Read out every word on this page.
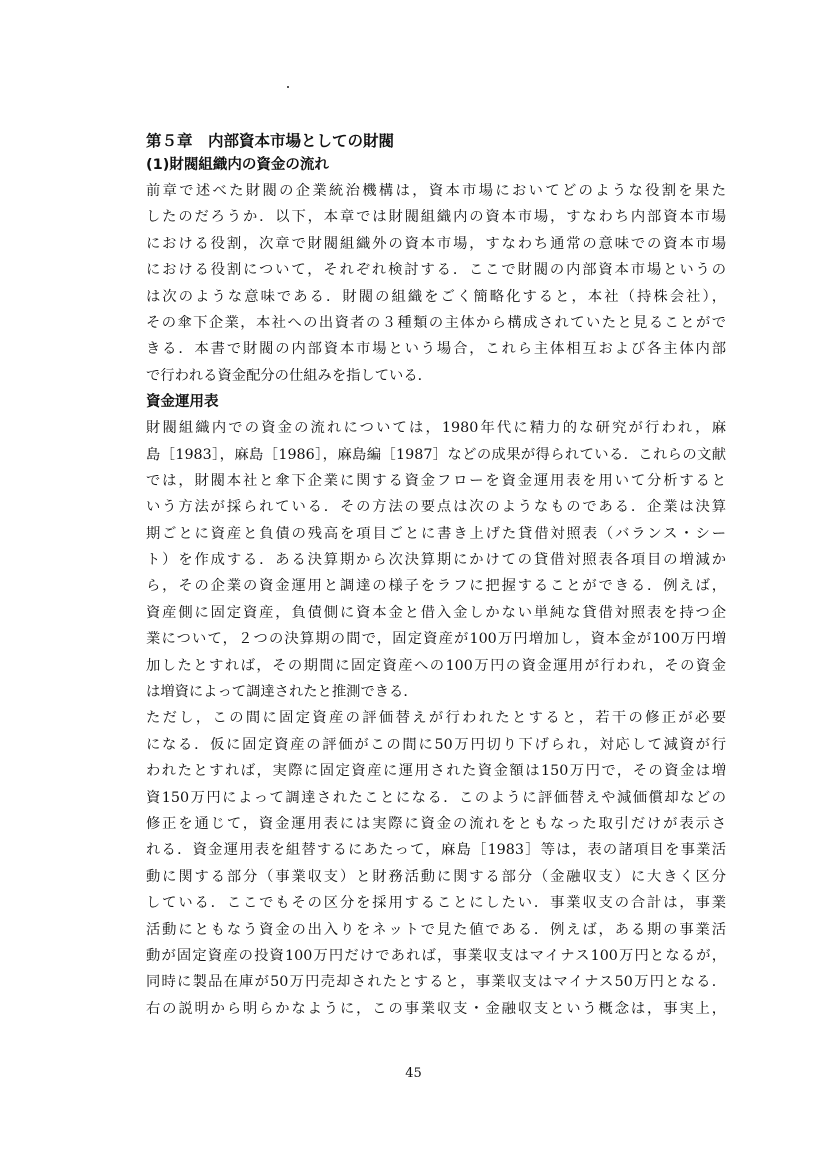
第５章　内部資本市場としての財閥
(1)財閥組織内の資金の流れ
前章で述べた財閥の企業統治機構は，資本市場においてどのような役割を果た
したのだろうか．以下，本章では財閥組織内の資本市場，すなわち内部資本市場
における役割，次章で財閥組織外の資本市場，すなわち通常の意味での資本市場
における役割について，それぞれ検討する．ここで財閥の内部資本市場というの
は次のような意味である．財閥の組織をごく簡略化すると，本社（持株会社），
その傘下企業，本社への出資者の３種類の主体から構成されていたと見ることがで
きる．本書で財閥の内部資本市場という場合，これら主体相互および各主体内部
で行われる資金配分の仕組みを指している．
資金運用表
財閥組織内での資金の流れについては，1980年代に精力的な研究が行われ，麻
島［1983］，麻島［1986］，麻島編［1987］などの成果が得られている．これらの文献
では，財閥本社と傘下企業に関する資金フローを資金運用表を用いて分析すると
いう方法が採られている．その方法の要点は次のようなものである．企業は決算
期ごとに資産と負債の残高を項目ごとに書き上げた貸借対照表（バランス・シー
ト）を作成する．ある決算期から次決算期にかけての貸借対照表各項目の増減か
ら，その企業の資金運用と調達の様子をラフに把握することができる．例えば，
資産側に固定資産，負債側に資本金と借入金しかない単純な貸借対照表を持つ企
業について，２つの決算期の間で，固定資産が100万円増加し，資本金が100万円増
加したとすれば，その期間に固定資産への100万円の資金運用が行われ，その資金
は増資によって調達されたと推測できる．
ただし，この間に固定資産の評価替えが行われたとすると，若干の修正が必要
になる．仮に固定資産の評価がこの間に50万円切り下げられ，対応して減資が行
われたとすれば，実際に固定資産に運用された資金額は150万円で，その資金は増
資150万円によって調達されたことになる．このように評価替えや減価償却などの
修正を通じて，資金運用表には実際に資金の流れをともなった取引だけが表示さ
れる．資金運用表を組替するにあたって，麻島［1983］等は，表の諸項目を事業活
動に関する部分（事業収支）と財務活動に関する部分（金融収支）に大きく区分
している．ここでもその区分を採用することにしたい．事業収支の合計は，事業
活動にともなう資金の出入りをネットで見た値である．例えば，ある期の事業活
動が固定資産の投資100万円だけであれば，事業収支はマイナス100万円となるが，
同時に製品在庫が50万円売却されたとすると，事業収支はマイナス50万円となる．
右の説明から明らかなように，この事業収支・金融収支という概念は，事実上，
45
